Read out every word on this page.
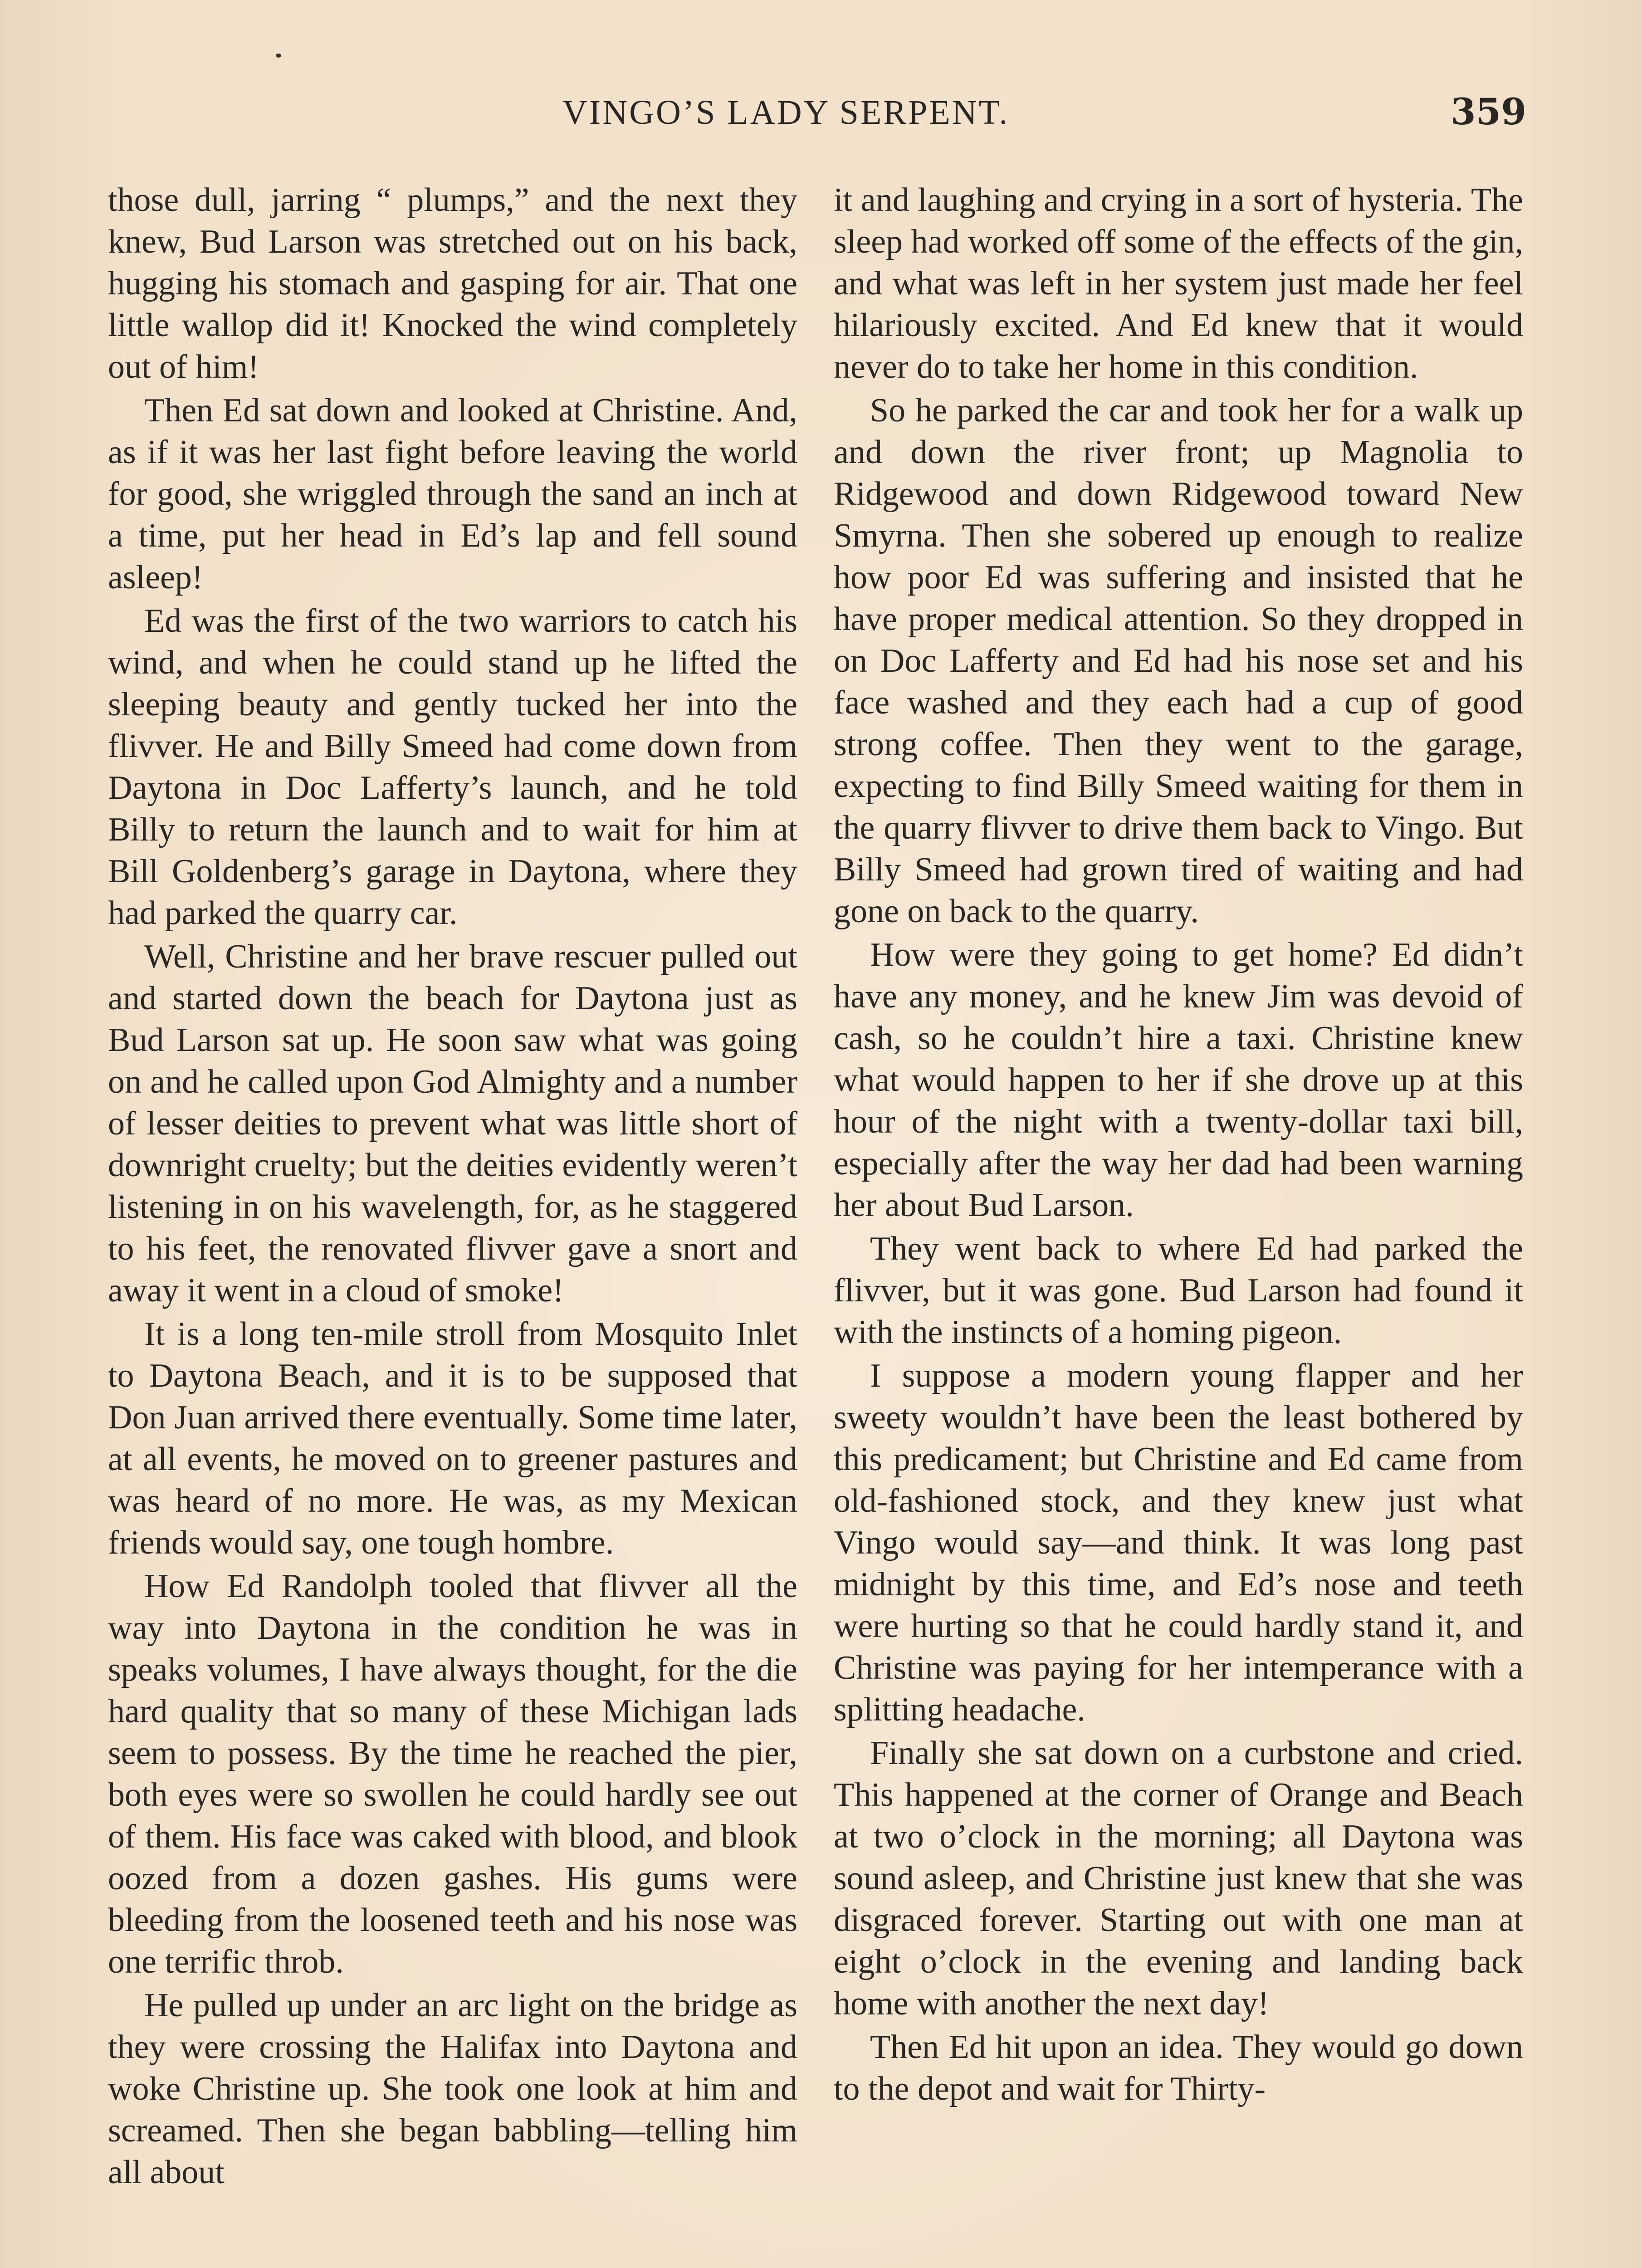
VINGO’S LADY SERPENT.	359

those dull, jarring “ plumps,” and the next they knew, Bud Larson was stretched out on his back, hugging his stomach and gasping for air. That one little wallop did it! Knocked the wind completely out of him!

Then Ed sat down and looked at Christine. And, as if it was her last fight before leaving the world for good, she wriggled through the sand an inch at a time, put her head in Ed’s lap and fell sound asleep!

Ed was the first of the two warriors to catch his wind, and when he could stand up he lifted the sleeping beauty and gently tucked her into the flivver. He and Billy Smeed had come down from Daytona in Doc Lafferty’s launch, and he told Billy to return the launch and to wait for him at Bill Goldenberg’s garage in Daytona, where they had parked the quarry car.

Well, Christine and her brave rescuer pulled out and started down the beach for Daytona just as Bud Larson sat up. He soon saw what was going on and he called upon God Almighty and a number of lesser deities to prevent what was little short of downright cruelty; but the deities evidently weren’t listening in on his wavelength, for, as he staggered to his feet, the renovated flivver gave a snort and away it went in a cloud of smoke!

It is a long ten-mile stroll from Mosquito Inlet to Daytona Beach, and it is to be supposed that Don Juan arrived there eventually. Some time later, at all events, he moved on to greener pastures and was heard of no more. He was, as my Mexican friends would say, one tough hombre.

How Ed Randolph tooled that flivver all the way into Daytona in the condition he was in speaks volumes, I have always thought, for the die hard quality that so many of these Michigan lads seem to possess. By the time he reached the pier, both eyes were so swollen he could hardly see out of them. His face was caked with blood, and blook oozed from a dozen gashes. His gums were bleeding from the loosened teeth and his nose was one terrific throb.

He pulled up under an arc light on the bridge as they were crossing the Halifax into Daytona and woke Christine up. She took one look at him and screamed. Then she began babbling—telling him all about

it and laughing and crying in a sort of hysteria. The sleep had worked off some of the effects of the gin, and what was left in her system just made her feel hilariously excited. And Ed knew that it would never do to take her home in this condition.

So he parked the car and took her for a walk up and down the river front; up Magnolia to Ridgewood and down Ridgewood toward New Smyrna. Then she sobered up enough to realize how poor Ed was suffering and insisted that he have proper medical attention. So they dropped in on Doc Lafferty and Ed had his nose set and his face washed and they each had a cup of good strong coffee. Then they went to the garage, expecting to find Billy Smeed waiting for them in the quarry flivver to drive them back to Vingo. But Billy Smeed had grown tired of waiting and had gone on back to the quarry.

How were they going to get home? Ed didn’t have any money, and he knew Jim was devoid of cash, so he couldn’t hire a taxi. Christine knew what would happen to her if she drove up at this hour of the night with a twenty-dollar taxi bill, especially after the way her dad had been warning her about Bud Larson.

They went back to where Ed had parked the flivver, but it was gone. Bud Larson had found it with the instincts of a homing pigeon.

I suppose a modern young flapper and her sweety wouldn’t have been the least bothered by this predicament; but Christine and Ed came from old-fashioned stock, and they knew just what Vingo would say—and think. It was long past midnight by this time, and Ed’s nose and teeth were hurting so that he could hardly stand it, and Christine was paying for her intemperance with a splitting headache.

Finally she sat down on a curbstone and cried. This happened at the corner of Orange and Beach at two o’clock in the morning; all Daytona was sound asleep, and Christine just knew that she was disgraced forever. Starting out with one man at eight o’clock in the evening and landing back home with another the next day!

Then Ed hit upon an idea. They would go down to the depot and wait for Thirty-
